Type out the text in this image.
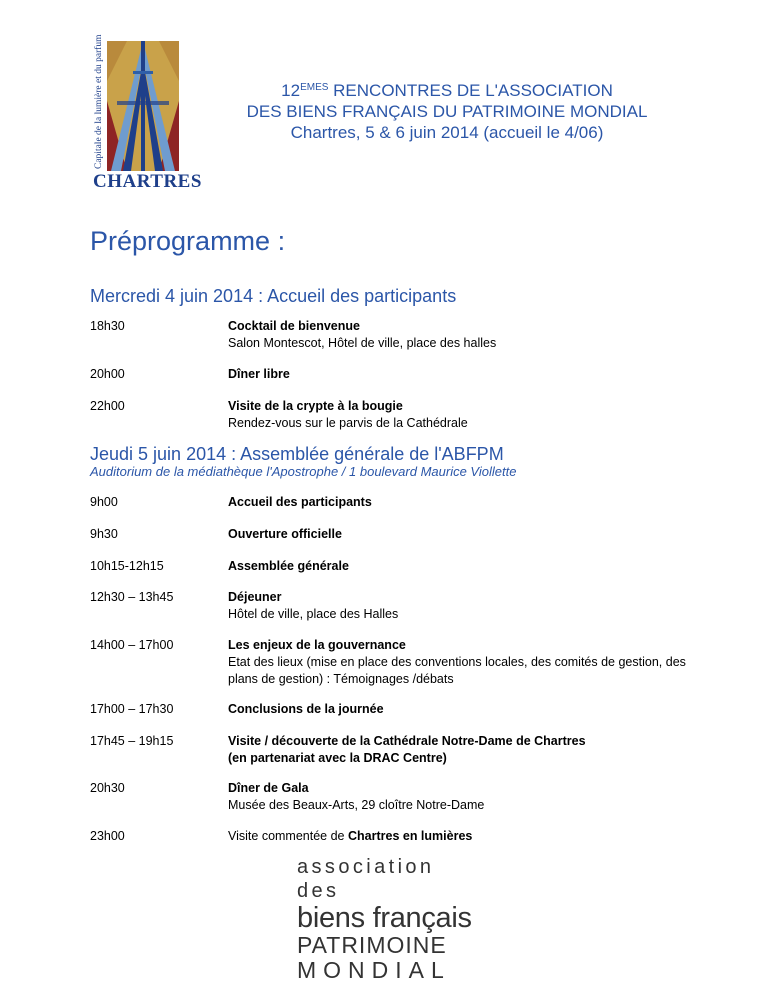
Capitale de la lumière et du parfum
CHARTRES
12EMES RENCONTRES DE L'ASSOCIATION
DES BIENS FRANÇAIS DU PATRIMOINE MONDIAL
Chartres, 5 & 6 juin 2014 (accueil le 4/06)
Préprogramme :
Mercredi 4 juin 2014 : Accueil des participants
18h30	Cocktail de bienvenue
Salon Montescot, Hôtel de ville, place des halles
20h00	Dîner libre
22h00	Visite de la crypte à la bougie
Rendez-vous sur le parvis de la Cathédrale
Jeudi 5 juin 2014 : Assemblée générale de l'ABFPM
Auditorium de la médiathèque l'Apostrophe / 1 boulevard Maurice Viollette
9h00	Accueil des participants
9h30	Ouverture officielle
10h15-12h15	Assemblée générale
12h30 – 13h45	Déjeuner
Hôtel de ville, place des Halles
14h00 – 17h00	Les enjeux de la gouvernance
Etat des lieux (mise en place des conventions locales, des comités de gestion, des plans de gestion) : Témoignages /débats
17h00 – 17h30	Conclusions de la journée
17h45 – 19h15	Visite / découverte de la Cathédrale Notre-Dame de Chartres
(en partenariat avec la DRAC Centre)
20h30	Dîner de Gala
Musée des Beaux-Arts, 29 cloître Notre-Dame
23h00	Visite commentée de Chartres en lumières
association des
biens français
PATRIMOINE
MONDIAL
